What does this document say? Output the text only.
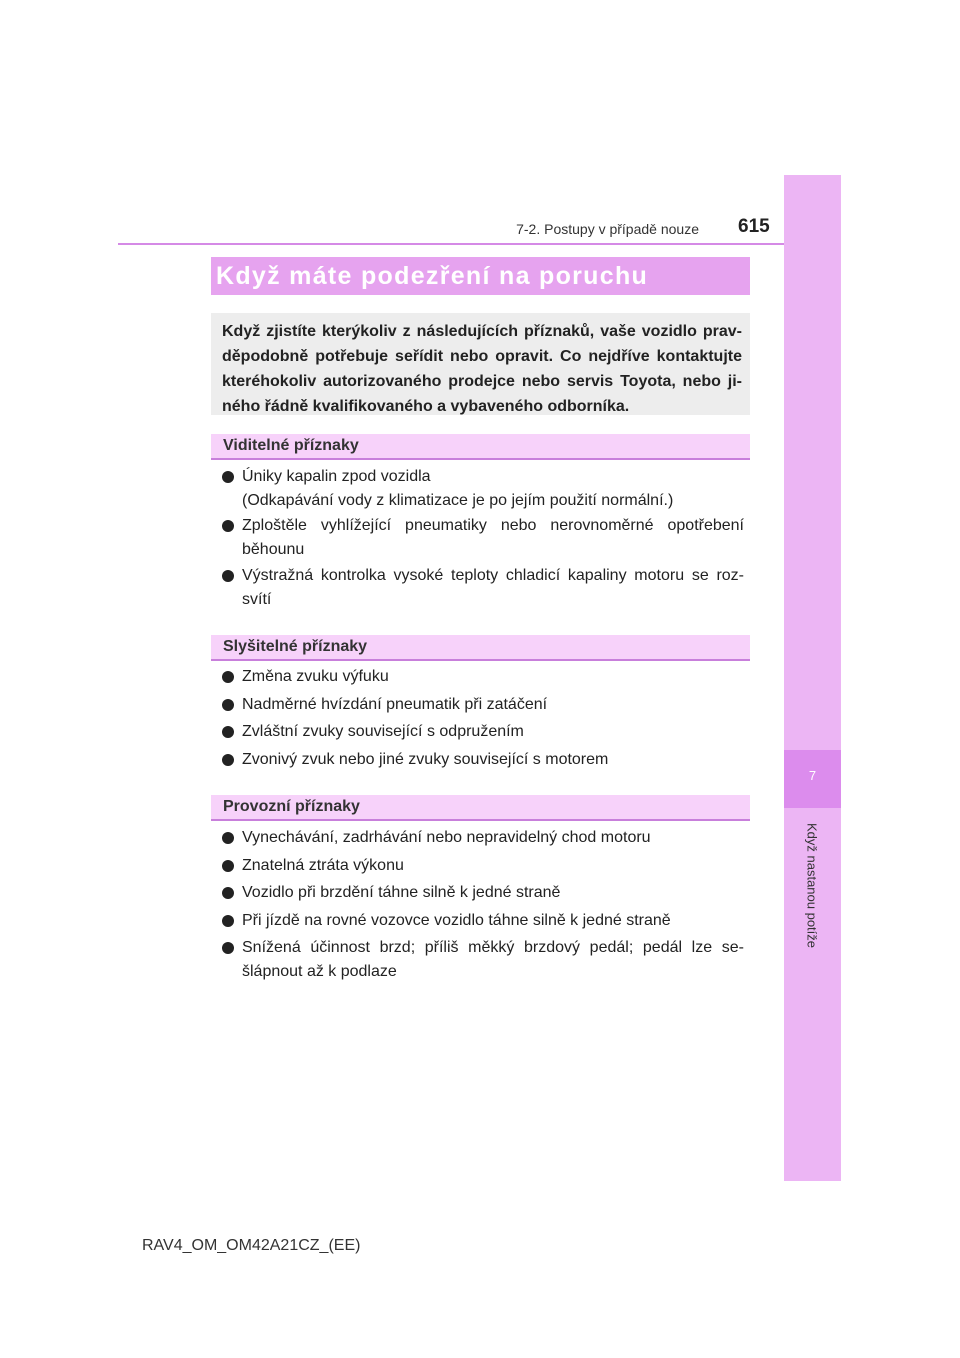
7
Když nastanou potíže
7-2. Postupy v případě nouze 615
Když máte podezření na poruchu

Když zjistíte kterýkoliv z následujících příznaků, vaše vozidlo prav-děpodobně potřebuje seřídit nebo opravit. Co nejdříve kontaktujte kteréhokoliv autorizovaného prodejce nebo servis Toyota, nebo ji-ného řádně kvalifikovaného a vybaveného odborníka.

Viditelné příznaky
Úniky kapalin zpod vozidla
(Odkapávání vody z klimatizace je po jejím použití normální.)
Zploštěle vyhlížející pneumatiky nebo nerovnoměrné opotřebení běhounu
Výstražná kontrolka vysoké teploty chladicí kapaliny motoru se roz-svítí
Slyšitelné příznaky
Změna zvuku výfuku
Nadměrné hvízdání pneumatik při zatáčení
Zvláštní zvuky související s odpružením
Zvonivý zvuk nebo jiné zvuky související s motorem
Provozní příznaky
Vynechávání, zadrhávání nebo nepravidelný chod motoru
Znatelná ztráta výkonu
Vozidlo při brzdění táhne silně k jedné straně
Při jízdě na rovné vozovce vozidlo táhne silně k jedné straně
Snížená účinnost brzd; příliš měkký brzdový pedál; pedál lze se-šlápnout až k podlaze
RAV4_OM_OM42A21CZ_(EE)
